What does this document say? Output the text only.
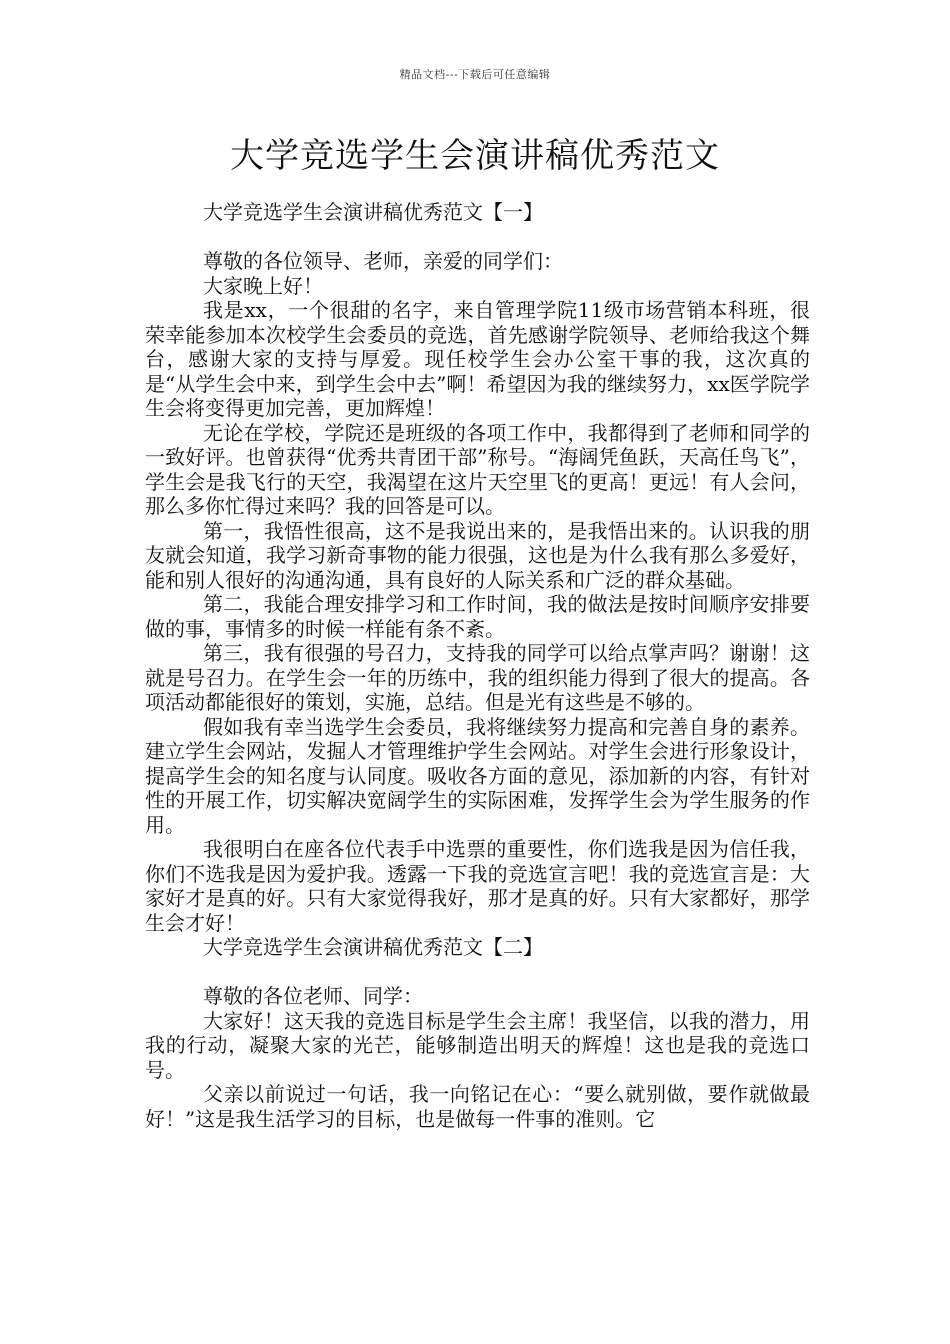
精品文档---下载后可任意编辑
大学竞选学生会演讲稿优秀范文

大学竞选学生会演讲稿优秀范文【一】

尊敬的各位领导、老师，亲爱的同学们：

大家晚上好！

我是xx，一个很甜的名字，来自管理学院11级市场营销本科班，很荣幸能参加本次校学生会委员的竞选，首先感谢学院领导、老师给我这个舞台，感谢大家的支持与厚爱。现任校学生会办公室干事的我，这次真的是“从学生会中来，到学生会中去”啊！希望因为我的继续努力，xx医学院学生会将变得更加完善，更加辉煌！

无论在学校，学院还是班级的各项工作中，我都得到了老师和同学的一致好评。也曾获得“优秀共青团干部”称号。“海阔凭鱼跃，天高任鸟飞”，学生会是我飞行的天空，我渴望在这片天空里飞的更高！更远！有人会问，那么多你忙得过来吗？我的回答是可以。

第一，我悟性很高，这不是我说出来的，是我悟出来的。认识我的朋友就会知道，我学习新奇事物的能力很强，这也是为什么我有那么多爱好，能和别人很好的沟通沟通，具有良好的人际关系和广泛的群众基础。

第二，我能合理安排学习和工作时间，我的做法是按时间顺序安排要做的事，事情多的时候一样能有条不紊。

第三，我有很强的号召力，支持我的同学可以给点掌声吗？谢谢！这就是号召力。在学生会一年的历练中，我的组织能力得到了很大的提高。各项活动都能很好的策划，实施，总结。但是光有这些是不够的。

假如我有幸当选学生会委员，我将继续努力提高和完善自身的素养。建立学生会网站，发掘人才管理维护学生会网站。对学生会进行形象设计，提高学生会的知名度与认同度。吸收各方面的意见，添加新的内容，有针对性的开展工作，切实解决宽阔学生的实际困难，发挥学生会为学生服务的作用。

我很明白在座各位代表手中选票的重要性，你们选我是因为信任我，你们不选我是因为爱护我。透露一下我的竞选宣言吧！我的竞选宣言是：大家好才是真的好。只有大家觉得我好，那才是真的好。只有大家都好，那学生会才好！

大学竞选学生会演讲稿优秀范文【二】

尊敬的各位老师、同学：

大家好！这天我的竞选目标是学生会主席！我坚信，以我的潜力，用我的行动，凝聚大家的光芒，能够制造出明天的辉煌！这也是我的竞选口号。

父亲以前说过一句话，我一向铭记在心：“要么就别做，要作就做最好！”这是我生活学习的目标，也是做每一件事的准则。它
